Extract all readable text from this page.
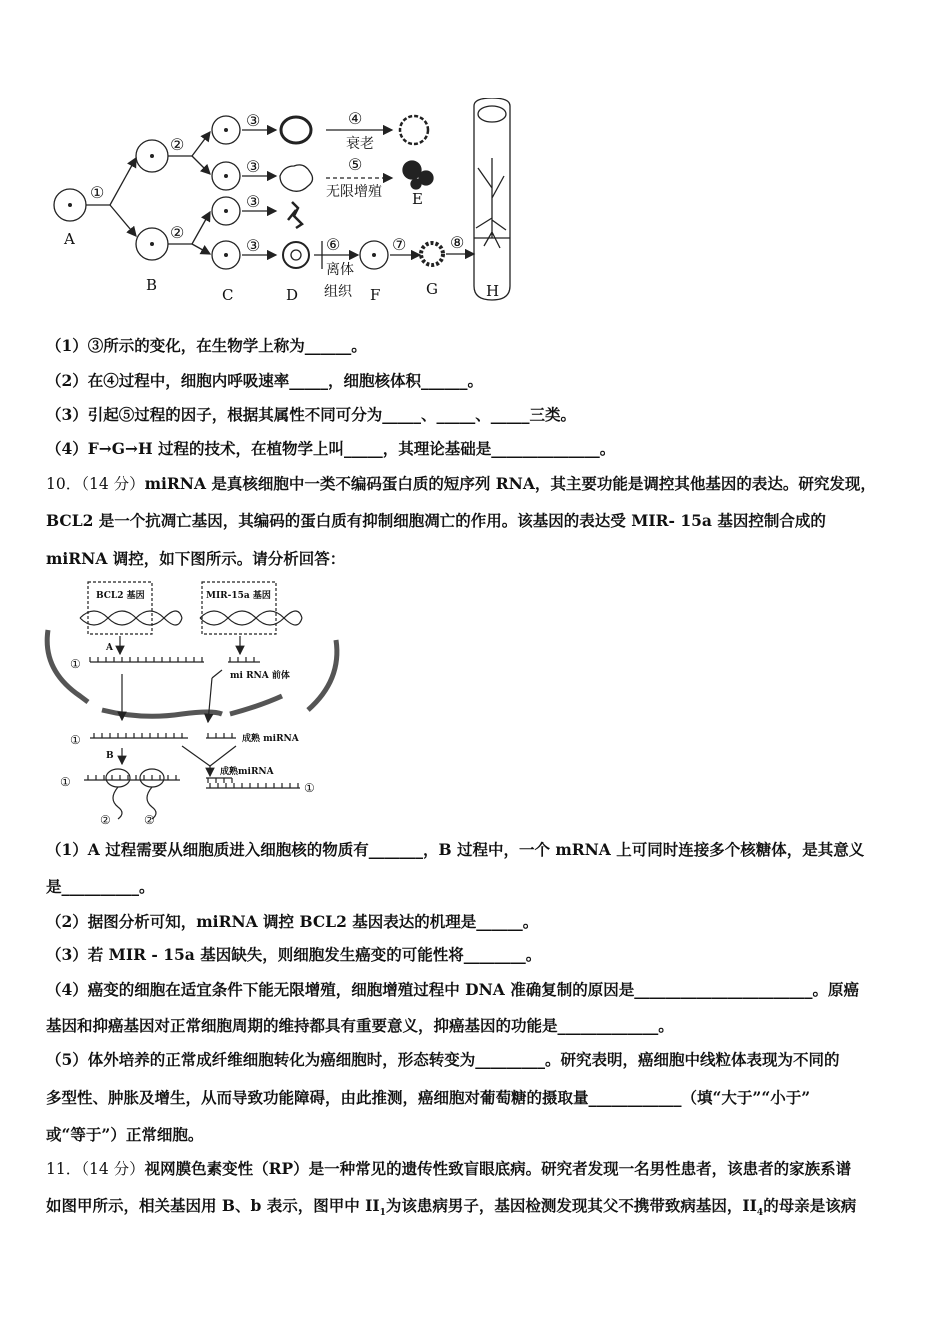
①
②
②
③
③
③
③
④
⑤
⑥	⑦	⑧
衰老
无限增殖
离体
组织
A
B
C	D
E
F	G	H
（1）③所示的变化，在生物学上称为______。
（2）在④过程中，细胞内呼吸速率_____，细胞核体积______。
（3）引起⑤过程的因子，根据其属性不同可分为_____、_____、_____三类。
（4）F→G→H 过程的技术，在植物学上叫_____，其理论基础是______________。
10．（14 分）miRNA 是真核细胞中一类不编码蛋白质的短序列 RNA，其主要功能是调控其他基因的表达。研究发现，
BCL2 是一个抗凋亡基因，其编码的蛋白质有抑制细胞凋亡的作用。该基因的表达受 MIR- 15a 基因控制合成的
miRNA 调控，如下图所示。请分析回答：
BCL2 基因	MIR-15a 基因
mi RNA 前体
成熟 miRNA
成熟miRNA
A
B
①
①
①	①
②	②
（1）A 过程需要从细胞质进入细胞核的物质有_______，B 过程中，一个 mRNA 上可同时连接多个核糖体，是其意义
是__________。
（2）据图分析可知，miRNA 调控 BCL2 基因表达的机理是______。
（3）若 MIR - 15a 基因缺失，则细胞发生癌变的可能性将________。
（4）癌变的细胞在适宜条件下能无限增殖，细胞增殖过程中 DNA 准确复制的原因是_______________________。原癌
基因和抑癌基因对正常细胞周期的维持都具有重要意义，抑癌基因的功能是_____________。
（5）体外培养的正常成纤维细胞转化为癌细胞时，形态转变为_________。研究表明，癌细胞中线粒体表现为不同的
多型性、肿胀及增生，从而导致功能障碍，由此推测，癌细胞对葡萄糖的摄取量____________（填“大于”“小于”
或“等于”）正常细胞。
11．（14 分）视网膜色素变性（RP）是一种常见的遗传性致盲眼底病。研究者发现一名男性患者，该患者的家族系谱
如图甲所示，相关基因用 B、b 表示，图甲中 $II_1$为该患病男子，基因检测发现其父不携带致病基因，$II_4$的母亲是该病
